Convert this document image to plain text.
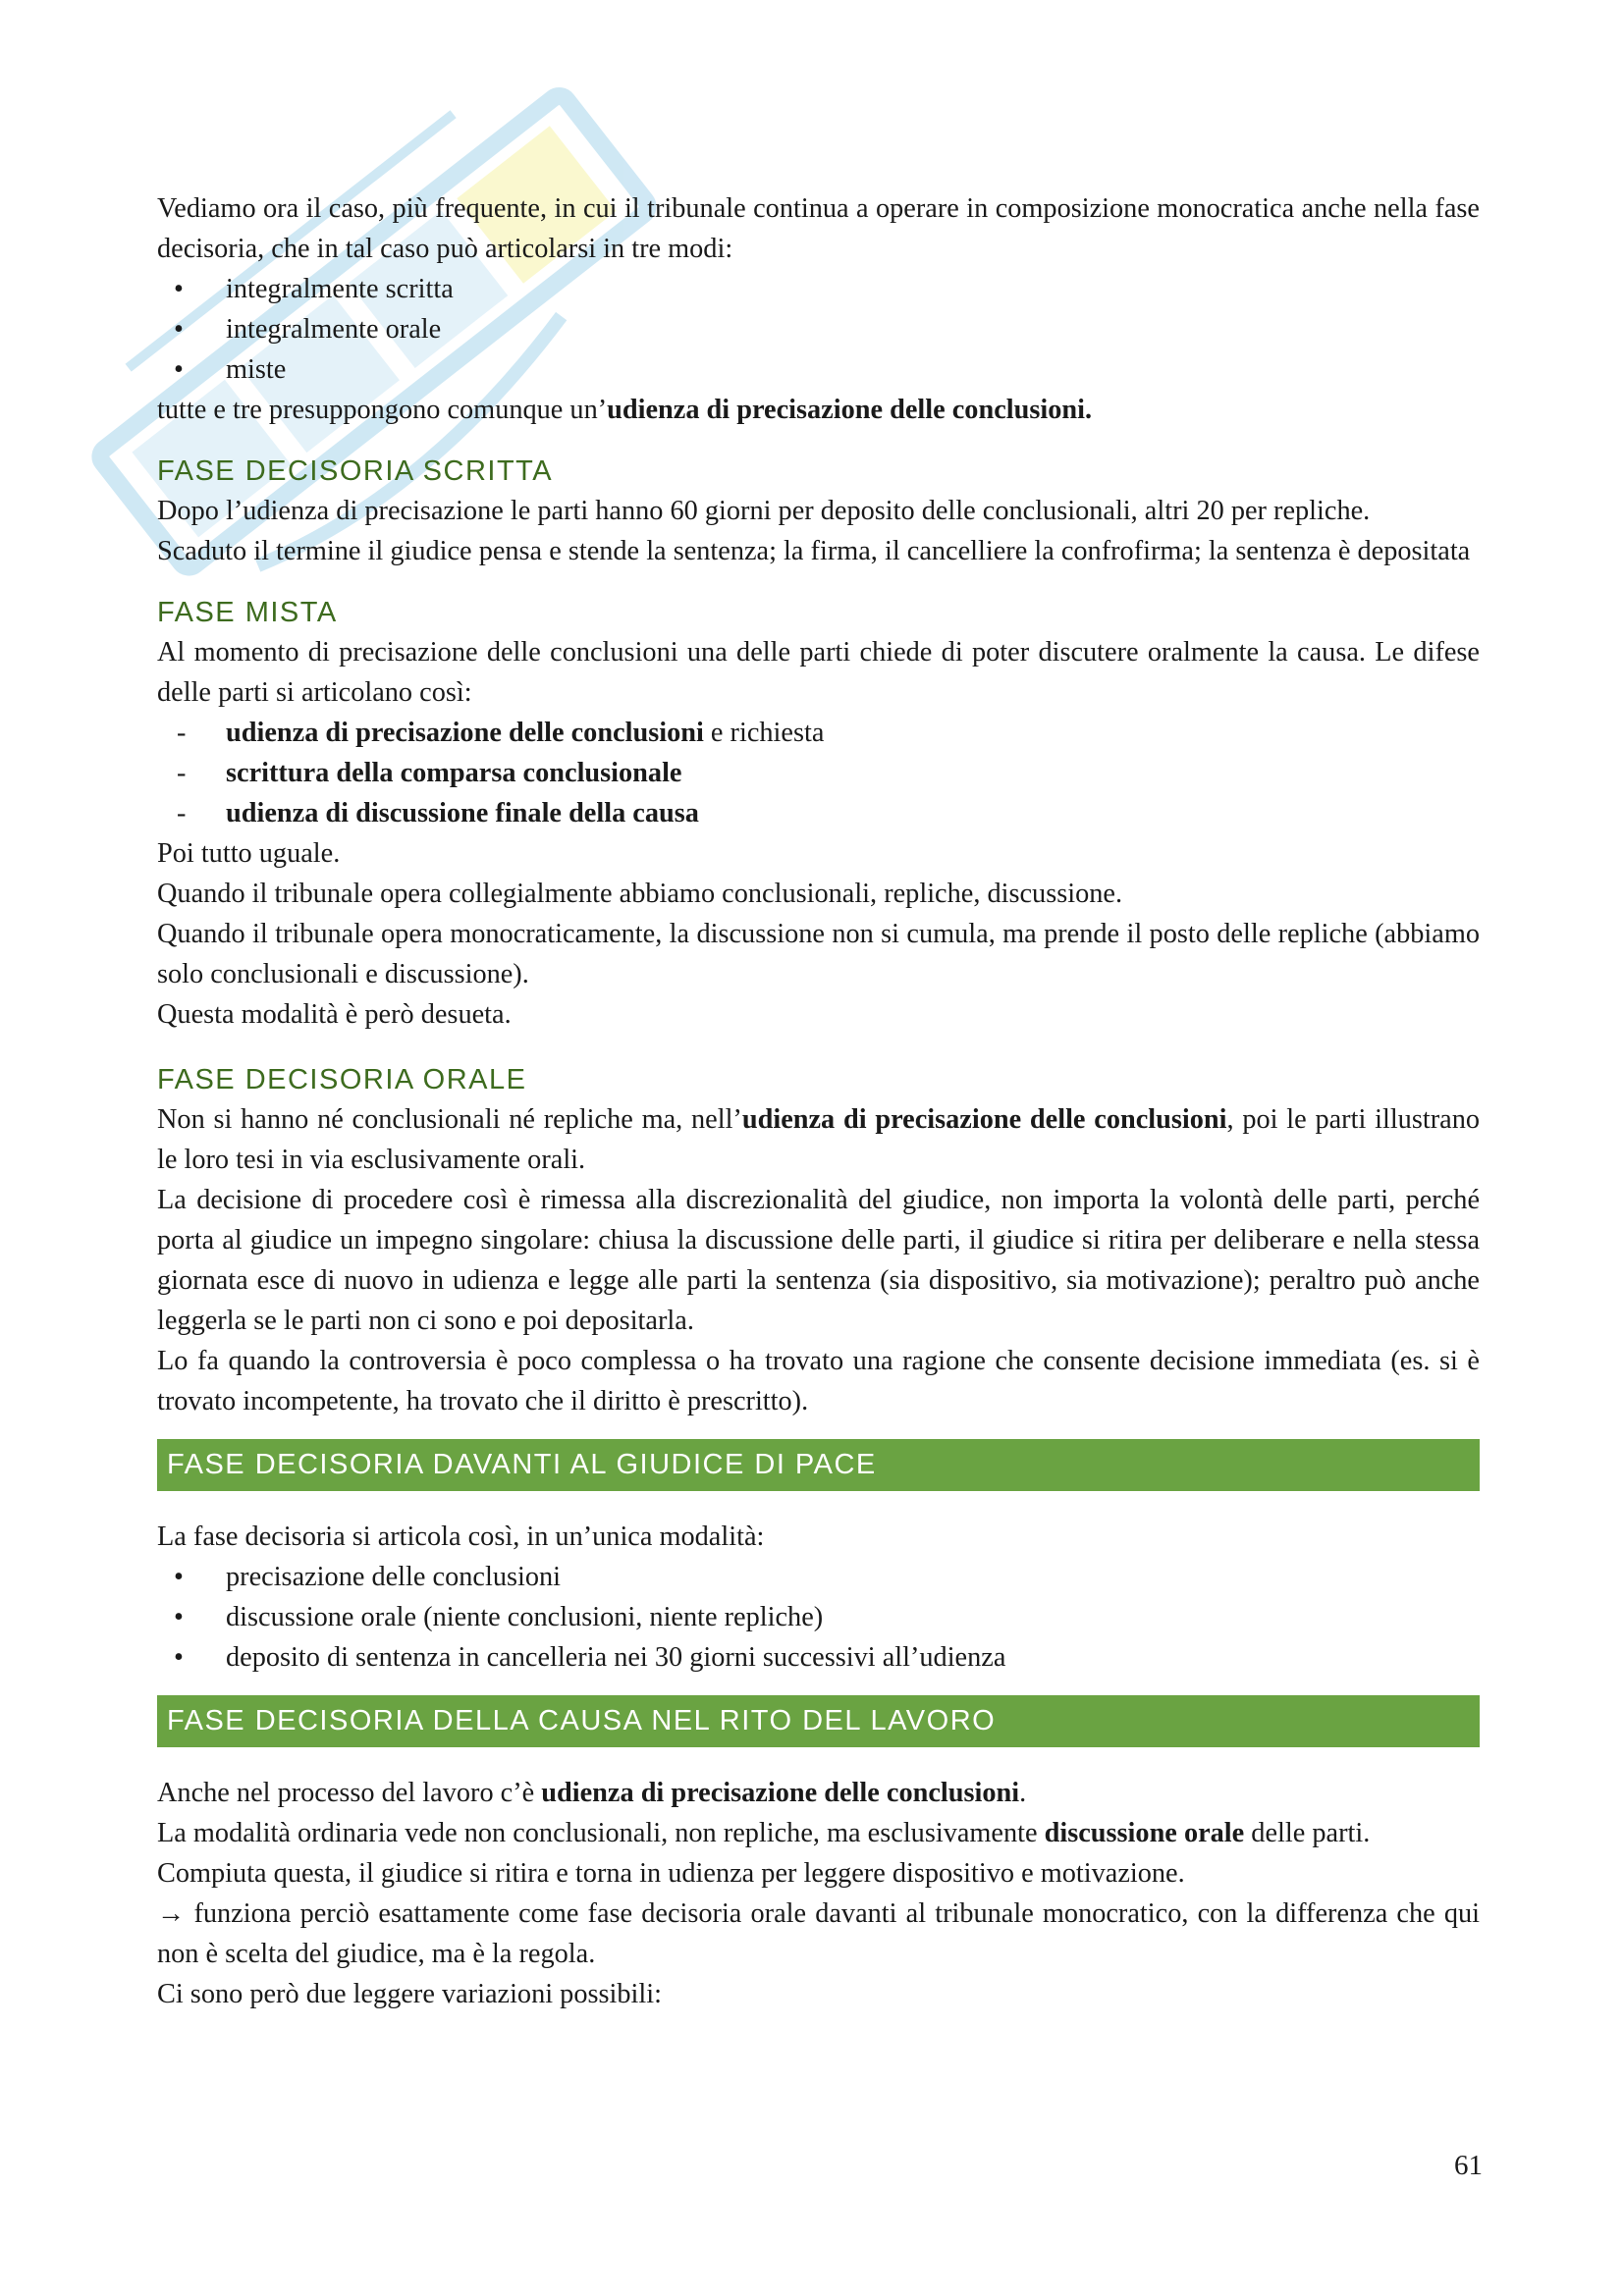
Vediamo ora il caso, più frequente, in cui il tribunale continua a operare in composizione monocratica anche nella fase decisoria, che in tal caso può articolarsi in tre modi:

• integralmente scritta
• integralmente orale
• miste

tutte e tre presuppongono comunque un’udienza di precisazione delle conclusioni.

FASE DECISORIA SCRITTA

Dopo l’udienza di precisazione le parti hanno 60 giorni per deposito delle conclusionali, altri 20 per repliche.

Scaduto il termine il giudice pensa e stende la sentenza; la firma, il cancelliere la confrofirma; la sentenza è depositata

FASE MISTA

Al momento di precisazione delle conclusioni una delle parti chiede di poter discutere oralmente la causa. Le difese delle parti si articolano così:

- udienza di precisazione delle conclusioni e richiesta
- scrittura della comparsa conclusionale
- udienza di discussione finale della causa

Poi tutto uguale.

Quando il tribunale opera collegialmente abbiamo conclusionali, repliche, discussione.

Quando il tribunale opera monocraticamente, la discussione non si cumula, ma prende il posto delle repliche (abbiamo solo conclusionali e discussione).

Questa modalità è però desueta.

FASE DECISORIA ORALE

Non si hanno né conclusionali né repliche ma, nell’udienza di precisazione delle conclusioni, poi le parti illustrano le loro tesi in via esclusivamente orali.

La decisione di procedere così è rimessa alla discrezionalità del giudice, non importa la volontà delle parti, perché porta al giudice un impegno singolare: chiusa la discussione delle parti, il giudice si ritira per deliberare e nella stessa giornata esce di nuovo in udienza e legge alle parti la sentenza (sia dispositivo, sia motivazione); peraltro può anche leggerla se le parti non ci sono e poi depositarla.

Lo fa quando la controversia è poco complessa o ha trovato una ragione che consente decisione immediata (es. si è trovato incompetente, ha trovato che il diritto è prescritto).

FASE DECISORIA DAVANTI AL GIUDICE DI PACE

La fase decisoria si articola così, in un’unica modalità:

• precisazione delle conclusioni
• discussione orale (niente conclusioni, niente repliche)
• deposito di sentenza in cancelleria nei 30 giorni successivi all’udienza
FASE DECISORIA DELLA CAUSA NEL RITO DEL LAVORO

Anche nel processo del lavoro c’è udienza di precisazione delle conclusioni.

La modalità ordinaria vede non conclusionali, non repliche, ma esclusivamente discussione orale delle parti.

Compiuta questa, il giudice si ritira e torna in udienza per leggere dispositivo e motivazione.

→ funziona perciò esattamente come fase decisoria orale davanti al tribunale monocratico, con la differenza che qui non è scelta del giudice, ma è la regola.

Ci sono però due leggere variazioni possibili:

61
